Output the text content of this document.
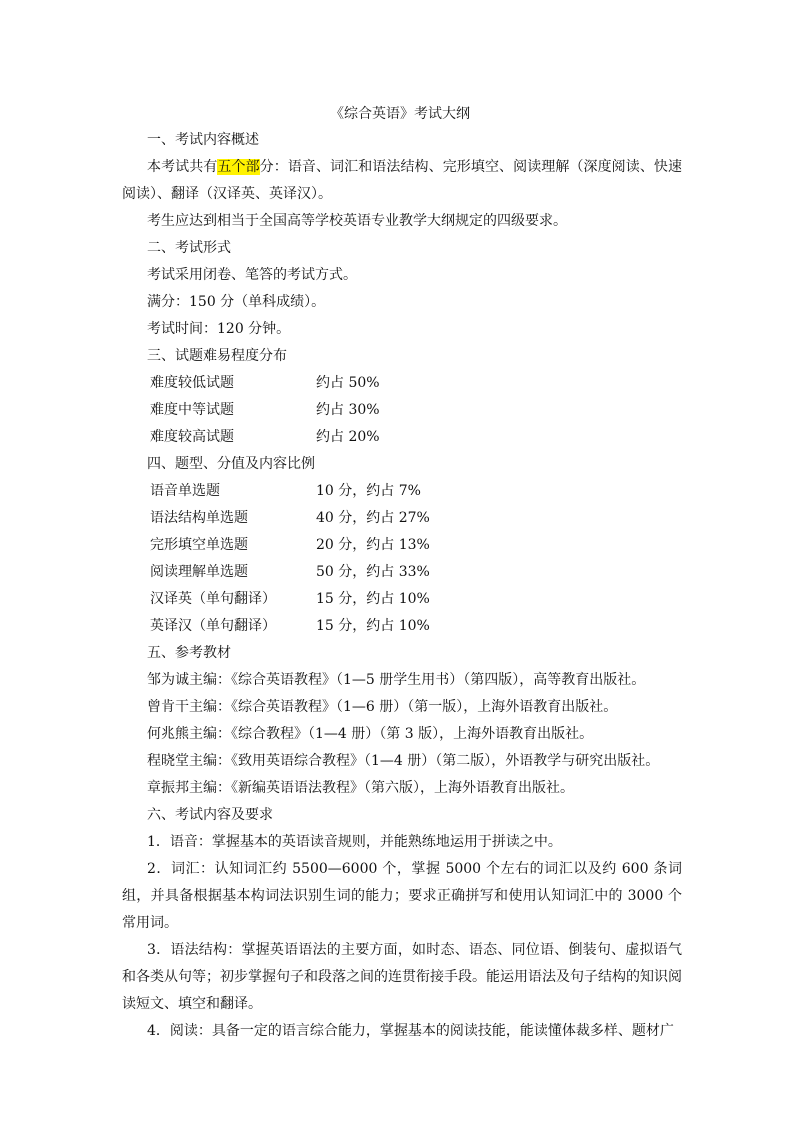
《综合英语》考试大纲
一、考试内容概述
本考试共有五个部分：语音、词汇和语法结构、完形填空、阅读理解（深度阅读、快速阅读）、翻译（汉译英、英译汉）。
考生应达到相当于全国高等学校英语专业教学大纲规定的四级要求。
二、考试形式
考试采用闭卷、笔答的考试方式。
满分：150 分（单科成绩）。
考试时间：120 分钟。
三、试题难易程度分布
难度较低试题	约占 50%
难度中等试题	约占 30%
难度较高试题	约占 20%
四、题型、分值及内容比例
语音单选题	10 分，约占 7%
语法结构单选题	40 分，约占 27%
完形填空单选题	20 分，约占 13%
阅读理解单选题	50 分，约占 33%
汉译英（单句翻译）	15 分，约占 10%
英译汉（单句翻译）	15 分，约占 10%
五、参考教材
邹为诚主编：《综合英语教程》（1—5 册学生用书）（第四版），高等教育出版社。
曾肯干主编：《综合英语教程》（1—6 册）（第一版），上海外语教育出版社。
何兆熊主编：《综合教程》（1—4 册）（第 3 版），上海外语教育出版社。
程晓堂主编：《致用英语综合教程》（1—4 册）（第二版），外语教学与研究出版社。
章振邦主编：《新编英语语法教程》（第六版），上海外语教育出版社。
六、考试内容及要求
1．语音：掌握基本的英语读音规则，并能熟练地运用于拼读之中。
2．词汇：认知词汇约 5500—6000 个，掌握 5000 个左右的词汇以及约 600 条词组，并具备根据基本构词法识别生词的能力；要求正确拼写和使用认知词汇中的 3000 个常用词。
3．语法结构：掌握英语语法的主要方面，如时态、语态、同位语、倒装句、虚拟语气和各类从句等；初步掌握句子和段落之间的连贯衔接手段。能运用语法及句子结构的知识阅读短文、填空和翻译。
4．阅读：具备一定的语言综合能力，掌握基本的阅读技能，能读懂体裁多样、题材广
